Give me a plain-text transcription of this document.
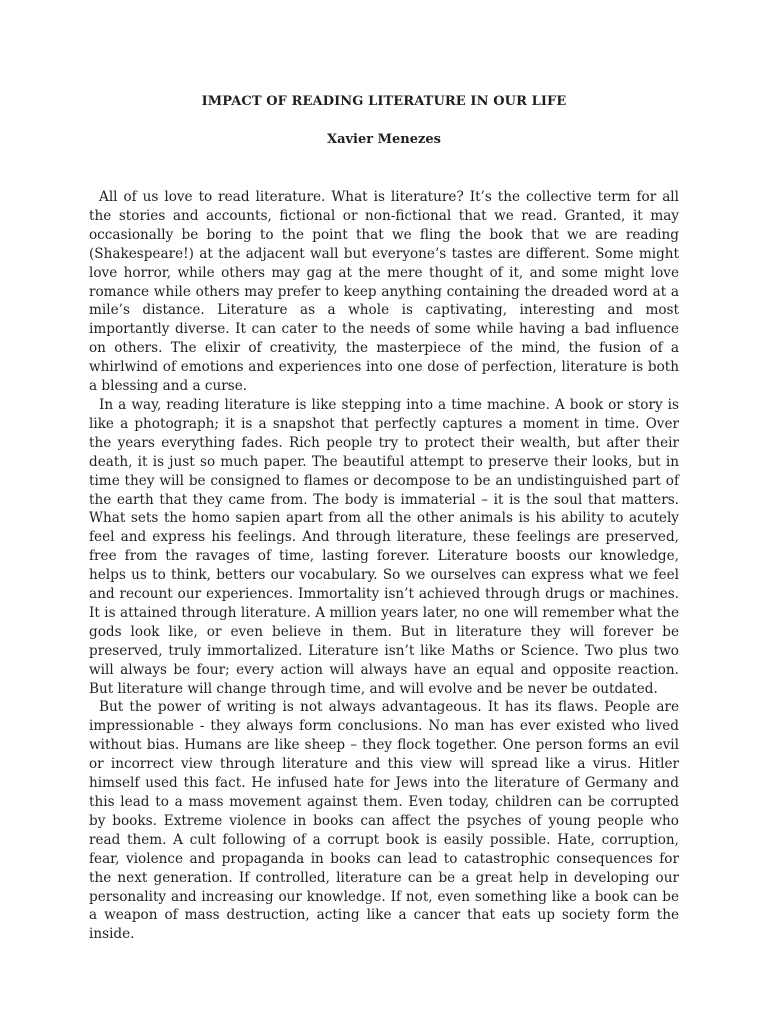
IMPACT OF READING LITERATURE IN OUR LIFE
Xavier Menezes

All of us love to read literature. What is literature? It’s the collective term for all the stories and accounts, fictional or non-fictional that we read. Granted, it may occasionally be boring to the point that we fling the book that we are reading (Shakespeare!) at the adjacent wall but everyone’s tastes are different. Some might love horror, while others may gag at the mere thought of it, and some might love romance while others may prefer to keep anything containing the dreaded word at a mile’s distance. Literature as a whole is captivating, interesting and most importantly diverse. It can cater to the needs of some while having a bad influence on others. The elixir of creativity, the masterpiece of the mind, the fusion of a whirlwind of emotions and experiences into one dose of perfection, literature is both a blessing and a curse.

In a way, reading literature is like stepping into a time machine. A book or story is like a photograph; it is a snapshot that perfectly captures a moment in time. Over the years everything fades. Rich people try to protect their wealth, but after their death, it is just so much paper. The beautiful attempt to preserve their looks, but in time they will be consigned to flames or decompose to be an undistinguished part of the earth that they came from. The body is immaterial – it is the soul that matters. What sets the homo sapien apart from all the other animals is his ability to acutely feel and express his feelings. And through literature, these feelings are preserved, free from the ravages of time, lasting forever. Literature boosts our knowledge, helps us to think, betters our vocabulary. So we ourselves can express what we feel and recount our experiences. Immortality isn’t achieved through drugs or machines. It is attained through literature. A million years later, no one will remember what the gods look like, or even believe in them. But in literature they will forever be preserved, truly immortalized. Literature isn’t like Maths or Science. Two plus two will always be four; every action will always have an equal and opposite reaction. But literature will change through time, and will evolve and be never be outdated.

But the power of writing is not always advantageous. It has its flaws. People are impressionable - they always form conclusions. No man has ever existed who lived without bias. Humans are like sheep – they flock together. One person forms an evil or incorrect view through literature and this view will spread like a virus. Hitler himself used this fact. He infused hate for Jews into the literature of Germany and this lead to a mass movement against them. Even today, children can be corrupted by books. Extreme violence in books can affect the psyches of young people who read them. A cult following of a corrupt book is easily possible. Hate, corruption, fear, violence and propaganda in books can lead to catastrophic consequences for the next generation. If controlled, literature can be a great help in developing our personality and increasing our knowledge. If not, even something like a book can be a weapon of mass destruction, acting like a cancer that eats up society form the inside.
